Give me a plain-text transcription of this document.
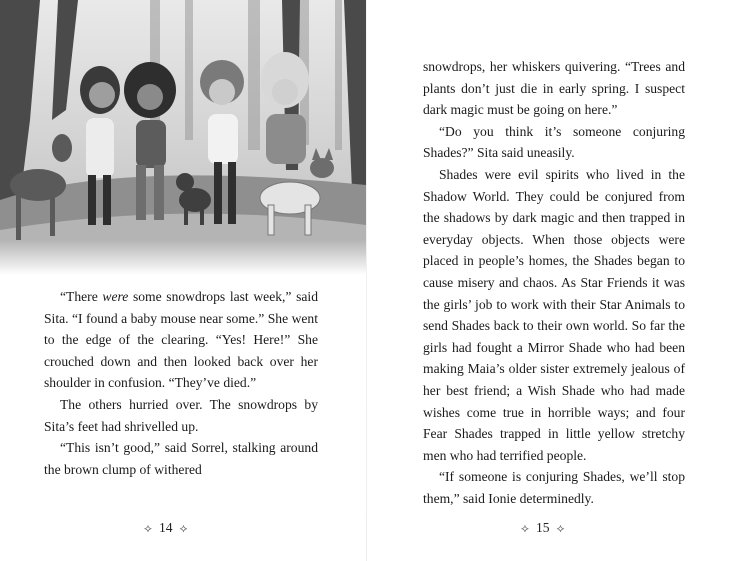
“There were some snowdrops last week,” said Sita. “I found a baby mouse near some.” She went to the edge of the clearing. “Yes! Here!” She crouched down and then looked back over her shoulder in confusion. “They’ve died.”

The others hurried over. The snowdrops by Sita’s feet had shrivelled up.

“This isn’t good,” said Sorrel, stalking around the brown clump of withered

⟡ 14 ⟡

snowdrops, her whiskers quivering. “Trees and plants don’t just die in early spring. I suspect dark magic must be going on here.”

“Do you think it’s someone conjuring Shades?” Sita said uneasily.

Shades were evil spirits who lived in the Shadow World. They could be conjured from the shadows by dark magic and then trapped in everyday objects. When those objects were placed in people’s homes, the Shades began to cause misery and chaos. As Star Friends it was the girls’ job to work with their Star Animals to send Shades back to their own world. So far the girls had fought a Mirror Shade who had been making Maia’s older sister extremely jealous of her best friend; a Wish Shade who had made wishes come true in horrible ways; and four Fear Shades trapped in little yellow stretchy men who had terrified people.

“If someone is conjuring Shades, we’ll stop them,” said Ionie determinedly.

⟡ 15 ⟡
